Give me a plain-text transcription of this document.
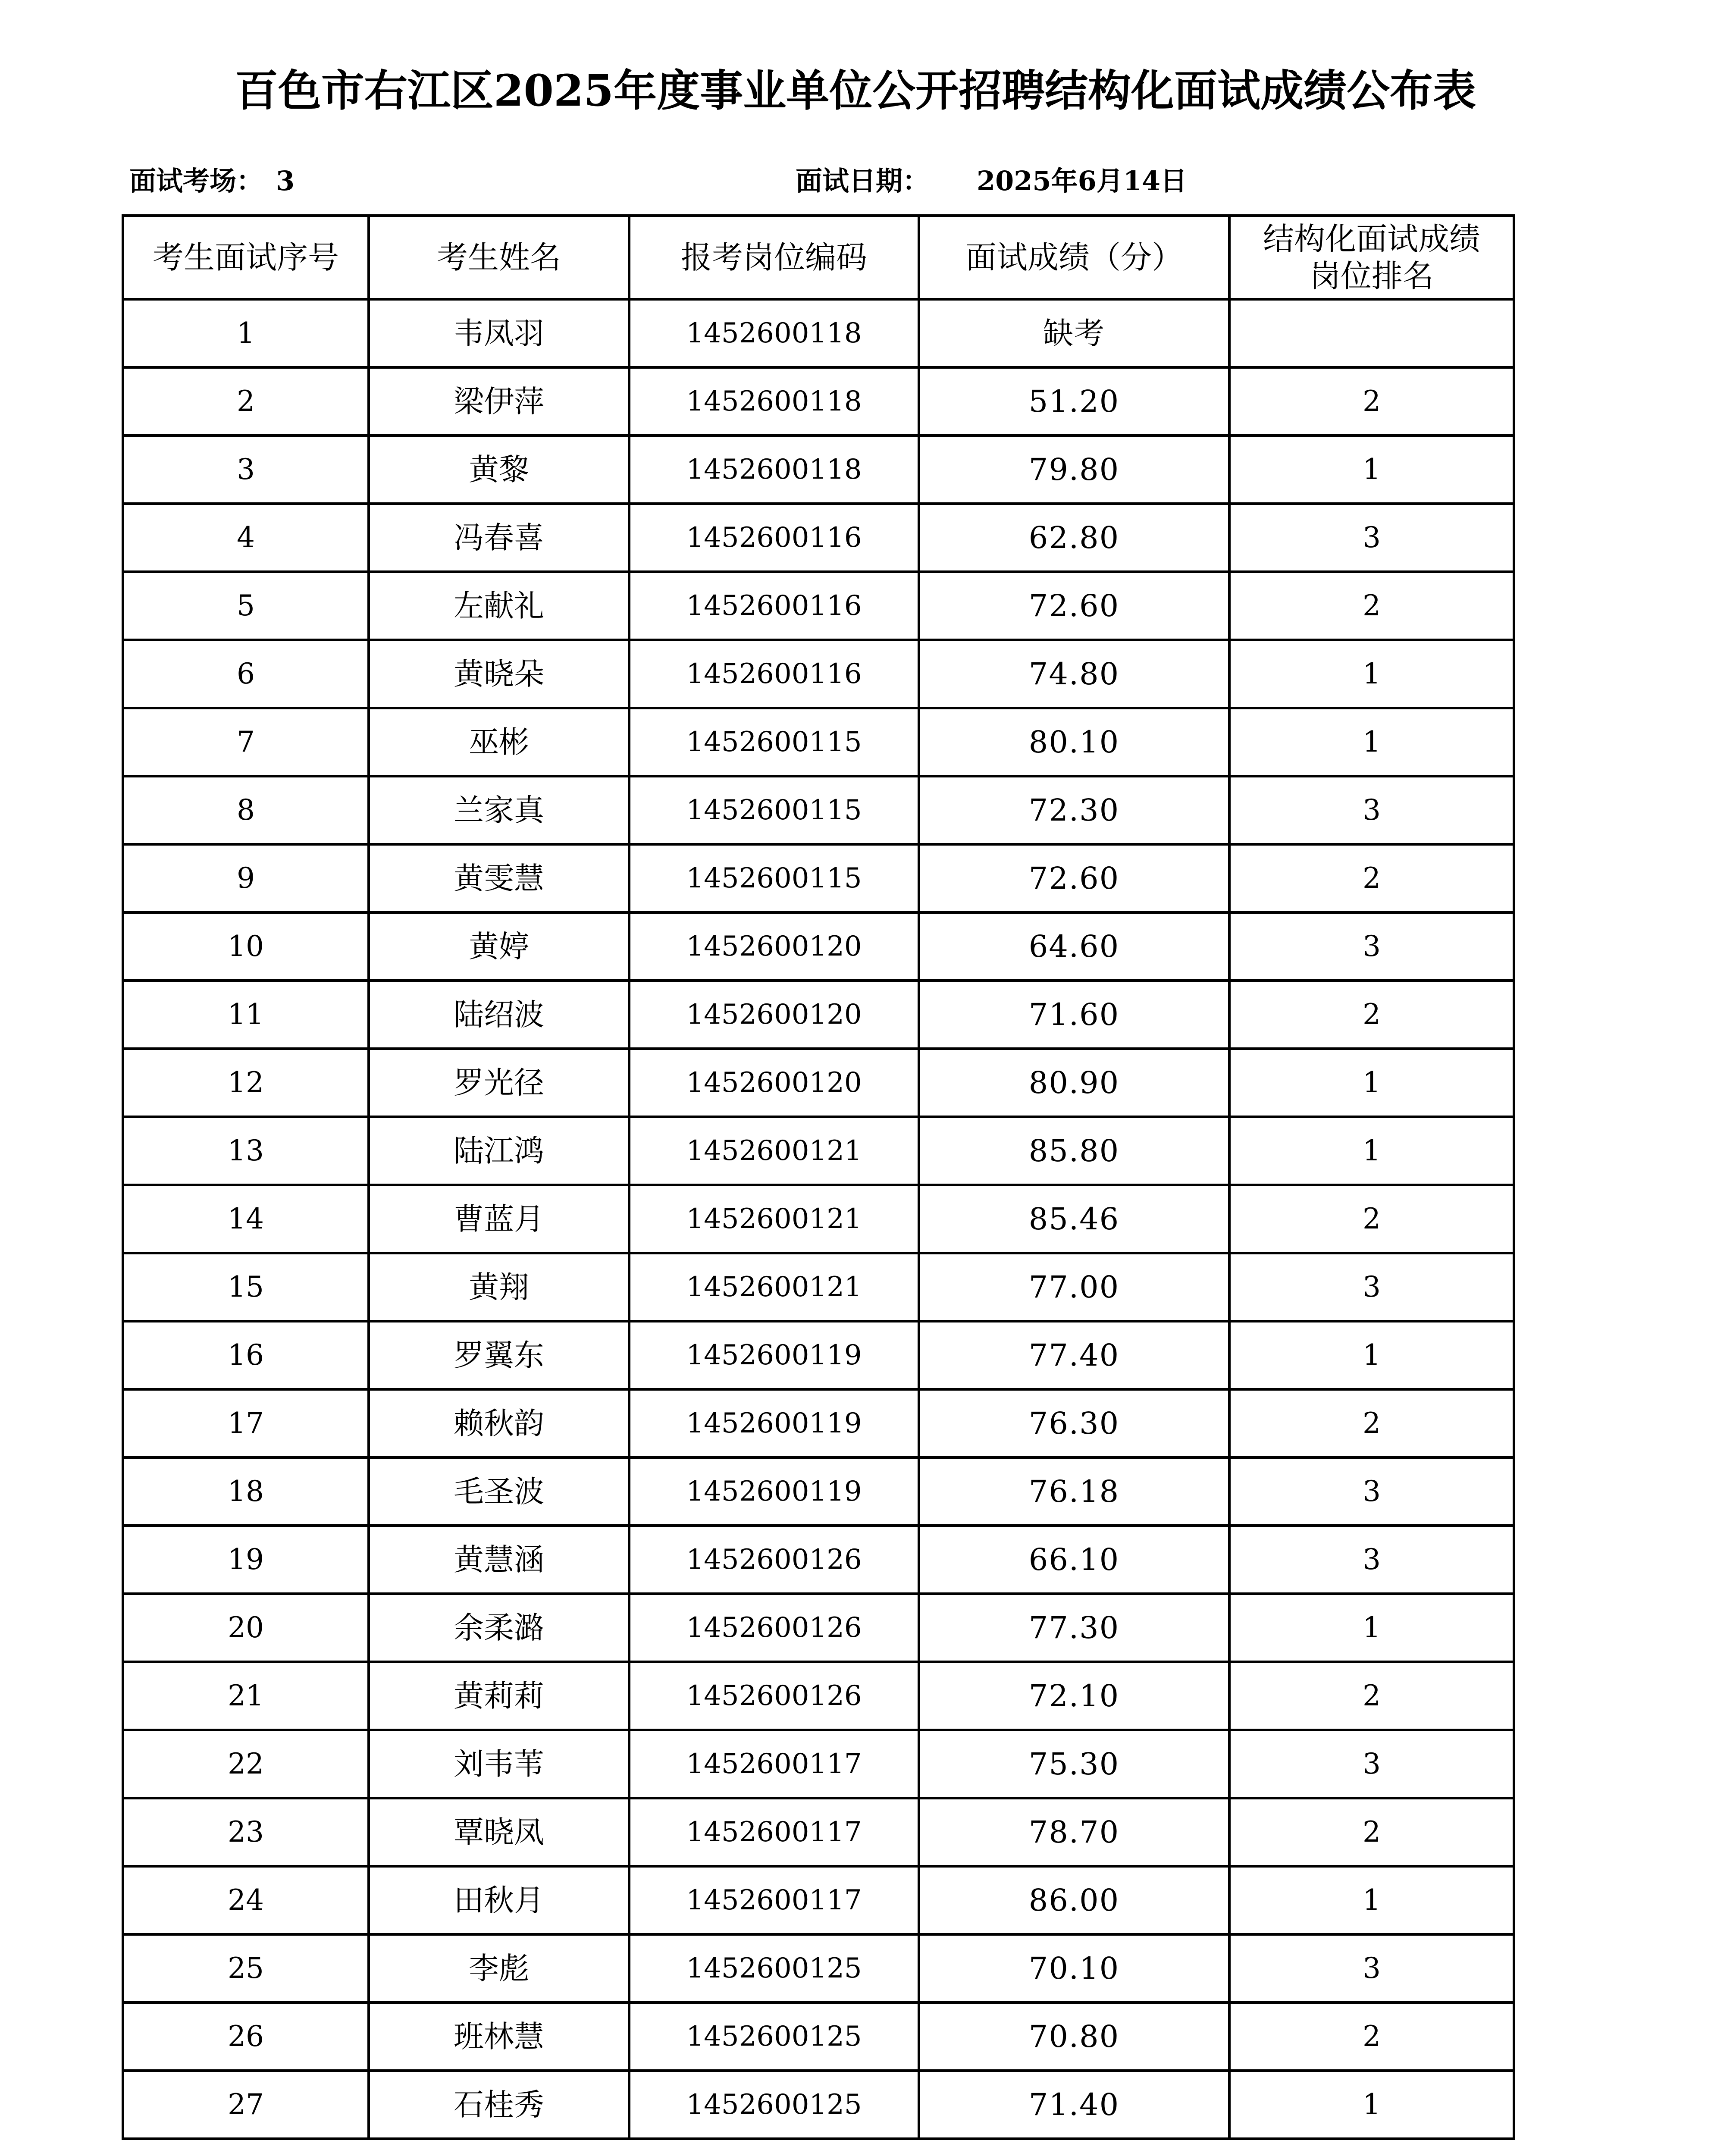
百色市右江区2025年度事业单位公开招聘结构化面试成绩公布表
面试考场： 3	面试日期： 2025年6月14日
考生面试序号	考生姓名	报考岗位编码	面试成绩（分）	结构化面试成绩
岗位排名
1	韦凤羽	1452600118	缺考	
2	梁伊萍	1452600118	51.20	2
3	黄黎	1452600118	79.80	1
4	冯春喜	1452600116	62.80	3
5	左献礼	1452600116	72.60	2
6	黄晓朵	1452600116	74.80	1
7	巫彬	1452600115	80.10	1
8	兰家真	1452600115	72.30	3
9	黄雯慧	1452600115	72.60	2
10	黄婷	1452600120	64.60	3
11	陆绍波	1452600120	71.60	2
12	罗光径	1452600120	80.90	1
13	陆江鸿	1452600121	85.80	1
14	曹蓝月	1452600121	85.46	2
15	黄翔	1452600121	77.00	3
16	罗翼东	1452600119	77.40	1
17	赖秋韵	1452600119	76.30	2
18	毛圣波	1452600119	76.18	3
19	黄慧涵	1452600126	66.10	3
20	余柔潞	1452600126	77.30	1
21	黄莉莉	1452600126	72.10	2
22	刘韦苇	1452600117	75.30	3
23	覃晓凤	1452600117	78.70	2
24	田秋月	1452600117	86.00	1
25	李彪	1452600125	70.10	3
26	班林慧	1452600125	70.80	2
27	石桂秀	1452600125	71.40	1
